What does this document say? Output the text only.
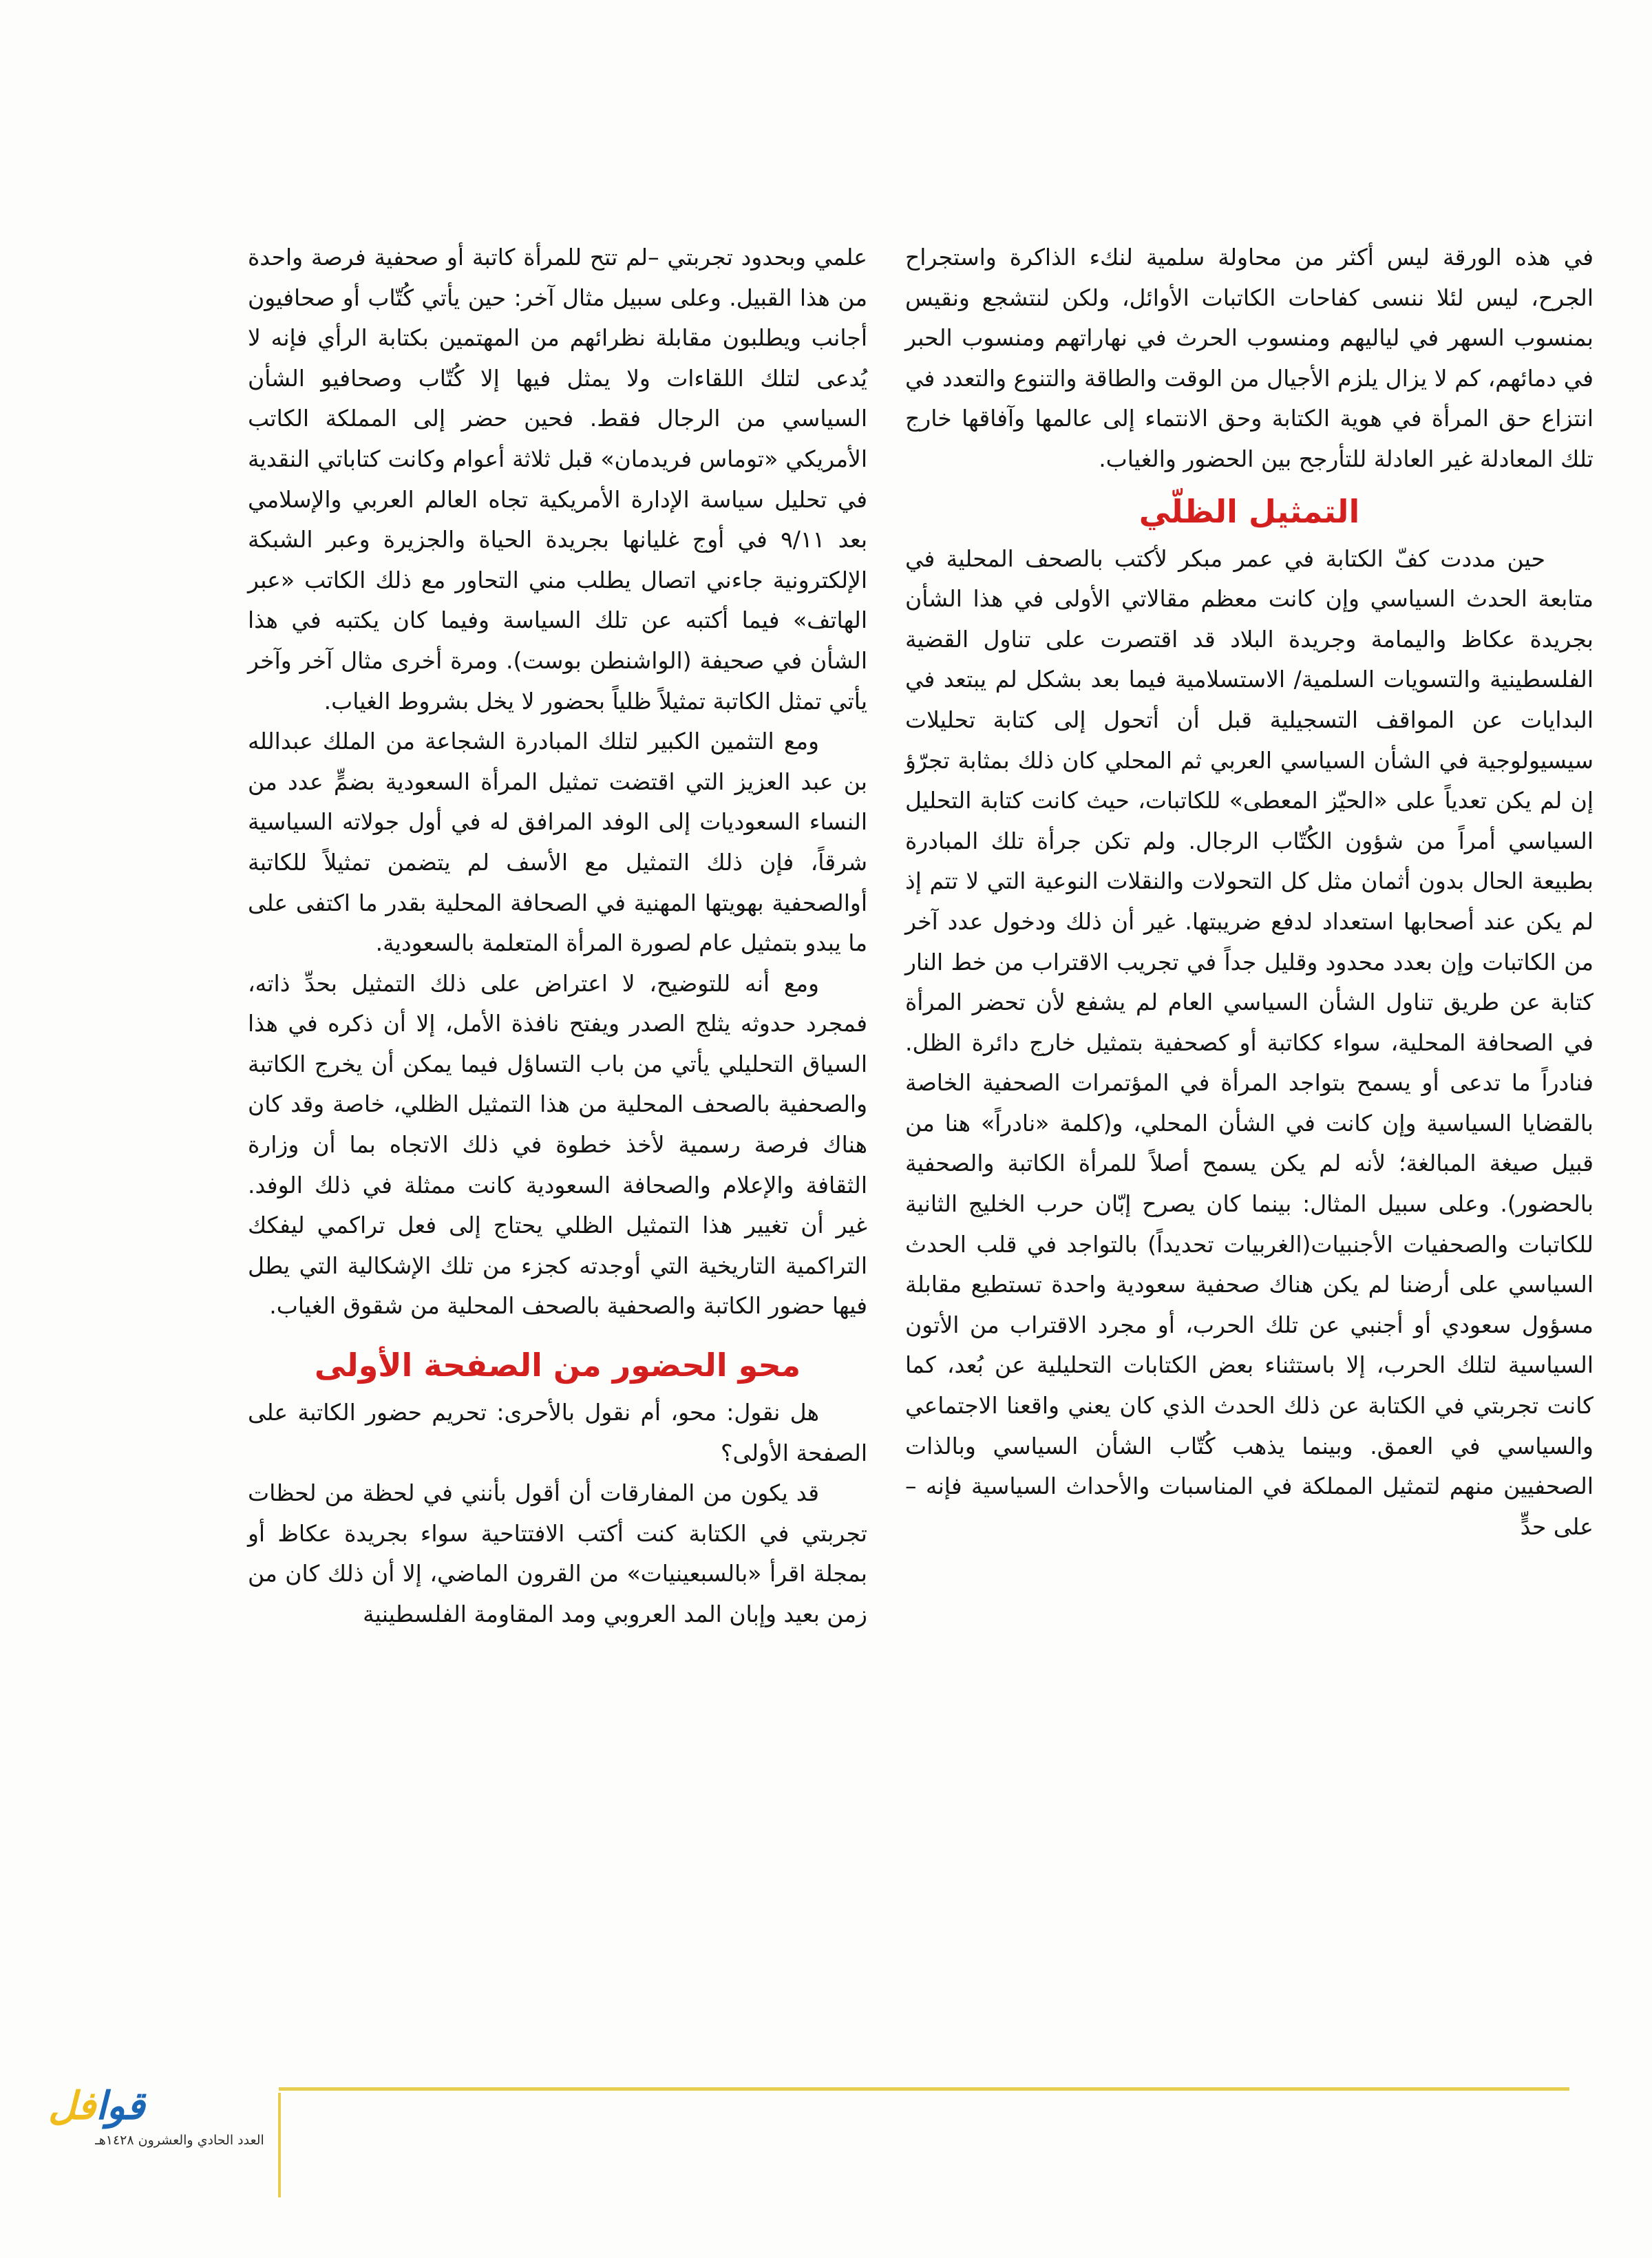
في هذه الورقة ليس أكثر من محاولة سلمية لنكء الذاكرة واستجراح الجرح، ليس لئلا ننسى كفاحات الكاتبات الأوائل، ولكن لنتشجع ونقيس بمنسوب السهر في لياليهم ومنسوب الحرث في نهاراتهم ومنسوب الحبر في دمائهم، كم لا يزال يلزم الأجيال من الوقت والطاقة والتنوع والتعدد في انتزاع حق المرأة في هوية الكتابة وحق الانتماء إلى عالمها وآفاقها خارج تلك المعادلة غير العادلة للتأرجح بين الحضور والغياب.

التمثيل الظلّي

حين مددت كفّ الكتابة في عمر مبكر لأكتب بالصحف المحلية في متابعة الحدث السياسي وإن كانت معظم مقالاتي الأولى في هذا الشأن بجريدة عكاظ واليمامة وجريدة البلاد قد اقتصرت على تناول القضية الفلسطينية والتسويات السلمية/ الاستسلامية فيما بعد بشكل لم يبتعد في البدايات عن المواقف التسجيلية قبل أن أتحول إلى كتابة تحليلات سيسيولوجية في الشأن السياسي العربي ثم المحلي كان ذلك بمثابة تجرّؤ إن لم يكن تعدياً على «الحيّز المعطى» للكاتبات، حيث كانت كتابة التحليل السياسي أمراً من شؤون الكُتّاب الرجال. ولم تكن جرأة تلك المبادرة بطبيعة الحال بدون أثمان مثل كل التحولات والنقلات النوعية التي لا تتم إذ لم يكن عند أصحابها استعداد لدفع ضريبتها. غير أن ذلك ودخول عدد آخر من الكاتبات وإن بعدد محدود وقليل جداً في تجريب الاقتراب من خط النار كتابة عن طريق تناول الشأن السياسي العام لم يشفع لأن تحضر المرأة في الصحافة المحلية، سواء ككاتبة أو كصحفية بتمثيل خارج دائرة الظل. فنادراً ما تدعى أو يسمح بتواجد المرأة في المؤتمرات الصحفية الخاصة بالقضايا السياسية وإن كانت في الشأن المحلي، و(كلمة «نادراً» هنا من قبيل صيغة المبالغة؛ لأنه لم يكن يسمح أصلاً للمرأة الكاتبة والصحفية بالحضور). وعلى سبيل المثال: بينما كان يصرح إبّان حرب الخليج الثانية للكاتبات والصحفيات الأجنبيات(الغربيات تحديداً) بالتواجد في قلب الحدث السياسي على أرضنا لم يكن هناك صحفية سعودية واحدة تستطيع مقابلة مسؤول سعودي أو أجنبي عن تلك الحرب، أو مجرد الاقتراب من الأتون السياسية لتلك الحرب، إلا باستثناء بعض الكتابات التحليلية عن بُعد، كما كانت تجربتي في الكتابة عن ذلك الحدث الذي كان يعني واقعنا الاجتماعي والسياسي في العمق. وبينما يذهب كُتّاب الشأن السياسي وبالذات الصحفيين منهم لتمثيل المملكة في المناسبات والأحداث السياسية فإنه –على حدٍّ

علمي وبحدود تجربتي –لم تتح للمرأة كاتبة أو صحفية فرصة واحدة من هذا القبيل. وعلى سبيل مثال آخر: حين يأتي كُتّاب أو صحافيون أجانب ويطلبون مقابلة نظرائهم من المهتمين بكتابة الرأي فإنه لا يُدعى لتلك اللقاءات ولا يمثل فيها إلا كُتّاب وصحافيو الشأن السياسي من الرجال فقط. فحين حضر إلى المملكة الكاتب الأمريكي «توماس فريدمان» قبل ثلاثة أعوام وكانت كتاباتي النقدية في تحليل سياسة الإدارة الأمريكية تجاه العالم العربي والإسلامي بعد ٩/١١ في أوج غليانها بجريدة الحياة والجزيرة وعبر الشبكة الإلكترونية جاءني اتصال يطلب مني التحاور مع ذلك الكاتب «عبر الهاتف» فيما أكتبه عن تلك السياسة وفيما كان يكتبه في هذا الشأن في صحيفة (الواشنطن بوست). ومرة أخرى مثال آخر وآخر يأتي تمثل الكاتبة تمثيلاً ظلياً بحضور لا يخل بشروط الغياب.

ومع التثمين الكبير لتلك المبادرة الشجاعة من الملك عبدالله بن عبد العزيز التي اقتضت تمثيل المرأة السعودية بضمٍّ عدد من النساء السعوديات إلى الوفد المرافق له في أول جولاته السياسية شرقاً، فإن ذلك التمثيل مع الأسف لم يتضمن تمثيلاً للكاتبة أوالصحفية بهويتها المهنية في الصحافة المحلية بقدر ما اكتفى على ما يبدو بتمثيل عام لصورة المرأة المتعلمة بالسعودية.

ومع أنه للتوضيح، لا اعتراض على ذلك التمثيل بحدِّ ذاته، فمجرد حدوثه يثلج الصدر ويفتح نافذة الأمل، إلا أن ذكره في هذا السياق التحليلي يأتي من باب التساؤل فيما يمكن أن يخرج الكاتبة والصحفية بالصحف المحلية من هذا التمثيل الظلي، خاصة وقد كان هناك فرصة رسمية لأخذ خطوة في ذلك الاتجاه بما أن وزارة الثقافة والإعلام والصحافة السعودية كانت ممثلة في ذلك الوفد. غير أن تغيير هذا التمثيل الظلي يحتاج إلى فعل تراكمي ليفكك التراكمية التاريخية التي أوجدته كجزء من تلك الإشكالية التي يطل فيها حضور الكاتبة والصحفية بالصحف المحلية من شقوق الغياب.

محو الحضور من الصفحة الأولى

هل نقول: محو، أم نقول بالأحرى: تحريم حضور الكاتبة على الصفحة الأولى؟

قد يكون من المفارقات أن أقول بأنني في لحظة من لحظات تجربتي في الكتابة كنت أكتب الافتتاحية سواء بجريدة عكاظ أو بمجلة اقرأ «بالسبعينيات» من القرون الماضي، إلا أن ذلك كان من زمن بعيد وإبان المد العروبي ومد المقاومة الفلسطينية

قوافل
العدد الحادي والعشرون ١٤٢٨هـ
